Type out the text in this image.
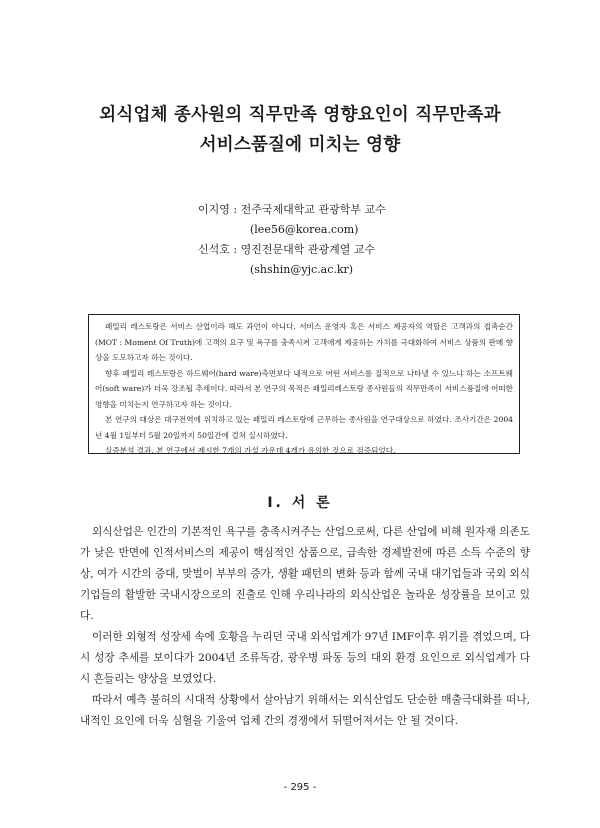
외식업체 종사원의 직무만족 영향요인이 직무만족과
서비스품질에 미치는 영향
이지영 : 전주국제대학교 관광학부 교수
(lee56@korea.com)
신석호 : 영진전문대학 관광계열 교수
(shshin@yjc.ac.kr)

패밀리 레스토랑은 서비스 산업이라 해도 과언이 아니다. 서비스 운영자 혹은 서비스 제공자의 역할은 고객과의 접촉순간(MOT : Moment Of Truth)에 고객의 요구 및 욕구를 충족시켜 고객에게 제공하는 가치를 극대화하여 서비스 상품의 판매 향상을 도모하고자 하는 것이다.

향후 패밀리 레스토랑은 하드웨어(hard ware)측면보다 내적으로 어떤 서비스를 질적으로 나타낼 수 있느냐 하는 소프트웨어(soft ware)가 더욱 강조될 추세이다. 따라서 본 연구의 목적은 패밀리레스토랑 종사원들의 직무만족이 서비스품질에 어떠한 영향을 미치는지 연구하고자 하는 것이다.

본 연구의 대상은 대구전역에 위치하고 있는 패밀리 레스토랑에 근무하는 종사원을 연구대상으로 하였다. 조사기간은 2004년 4월 1일부터 5월 20일까지 50일간에 걸쳐 실시하였다.

실증분석 결과, 본 연구에서 제시한 7개의 가설 가운데 4개가 유의한 것으로 검증되었다.

I. 서 론

외식산업은 인간의 기본적인 욕구를 충족시켜주는 산업으로써, 다른 산업에 비해 원자재 의존도가 낮은 반면에 인적서비스의 제공이 핵심적인 상품으로, 급속한 경제발전에 따른 소득 수준의 향상, 여가 시간의 증대, 맞벌이 부부의 증가, 생활 패턴의 변화 등과 함께 국내 대기업들과 국외 외식 기업들의 활발한 국내시장으로의 진출로 인해 우리나라의 외식산업은 놀라운 성장률을 보이고 있다.

이러한 외형적 성장세 속에 호황을 누리던 국내 외식업계가 97년 IMF이후 위기를 겪었으며, 다시 성장 추세를 보이다가 2004년 조류독감, 광우병 파동 등의 대외 환경 요인으로 외식업계가 다시 흔들리는 양상을 보였었다.

따라서 예측 불허의 시대적 상황에서 살아남기 위해서는 외식산업도 단순한 매출극대화를 떠나, 내적인 요인에 더욱 심혈을 기울여 업체 간의 경쟁에서 뒤떨어져서는 안 될 것이다.

- 295 -
